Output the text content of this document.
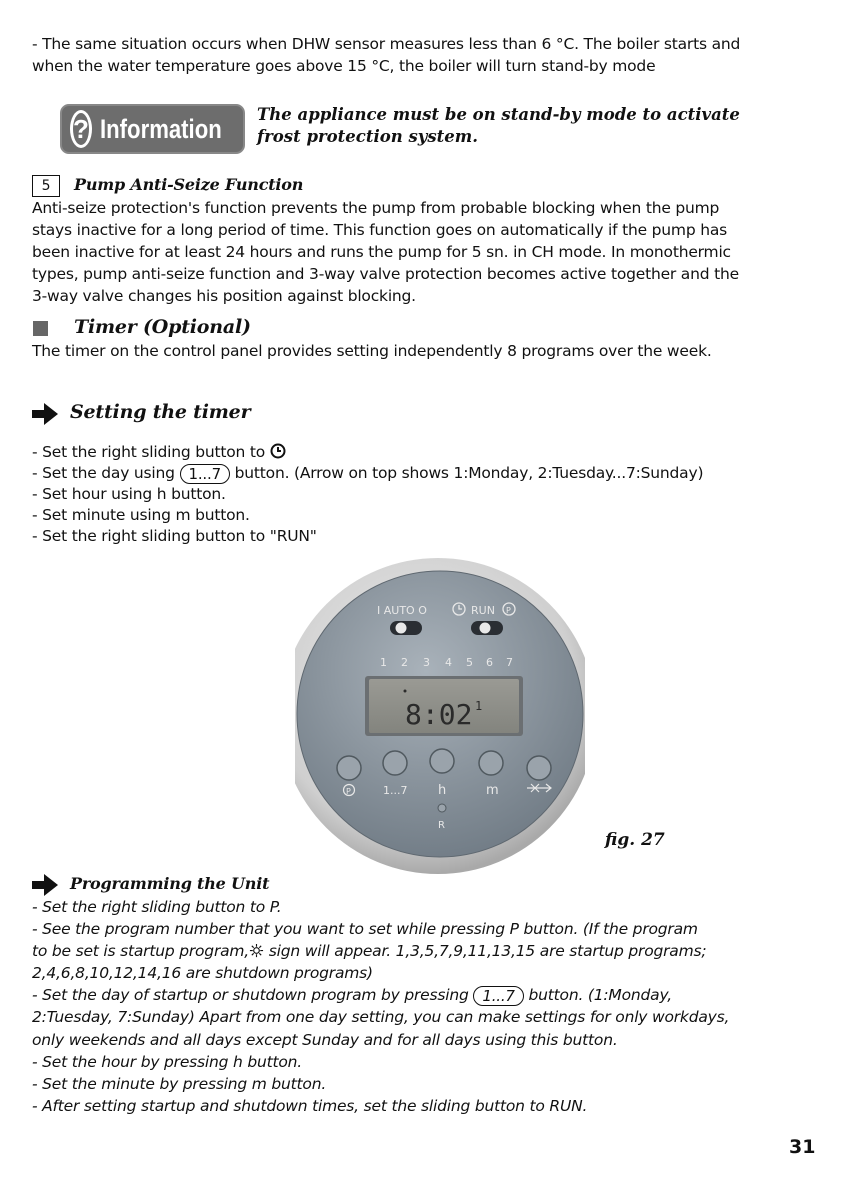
- The same situation occurs when DHW sensor measures less than 6 °C. The boiler starts and
when the water temperature goes above 15 °C, the boiler will turn stand-by mode
? Information The appliance must be on stand-by mode to activate frost protection system.
5 Pump Anti-Seize Function
Anti-seize protection's function prevents the pump from probable blocking when the pump
stays inactive for a long period of time. This function goes on automatically if the pump has
been inactive for at least 24 hours and runs the pump for 5 sn. in CH mode. In monothermic
types, pump anti-seize function and 3-way valve protection becomes active together and the
3-way valve changes his position against blocking.
Timer (Optional)
The timer on the control panel provides setting independently 8 programs over the week.
Setting the timer
- Set the right sliding button to
- Set the day using 1...7 button. (Arrow on top shows 1:Monday, 2:Tuesday...7:Sunday)
- Set hour using h button.
- Set minute using m button.
- Set the right sliding button to "RUN"
I AUTO O	RUN P
1 2 3 4 5 6 7
8:02 1
P	1...7 h	m
R
fig. 27
Programming the Unit
- Set the right sliding button to P.
- See the program number that you want to set while pressing P button. (If the program
to be set is startup program, sign will appear. 1,3,5,7,9,11,13,15 are startup programs;
2,4,6,8,10,12,14,16 are shutdown programs)
- Set the day of startup or shutdown program by pressing 1...7 button. (1:Monday,
2:Tuesday, 7:Sunday) Apart from one day setting, you can make settings for only workdays,
only weekends and all days except Sunday and for all days using this button.
- Set the hour by pressing h button.
- Set the minute by pressing m button.
- After setting startup and shutdown times, set the sliding button to RUN.
31
